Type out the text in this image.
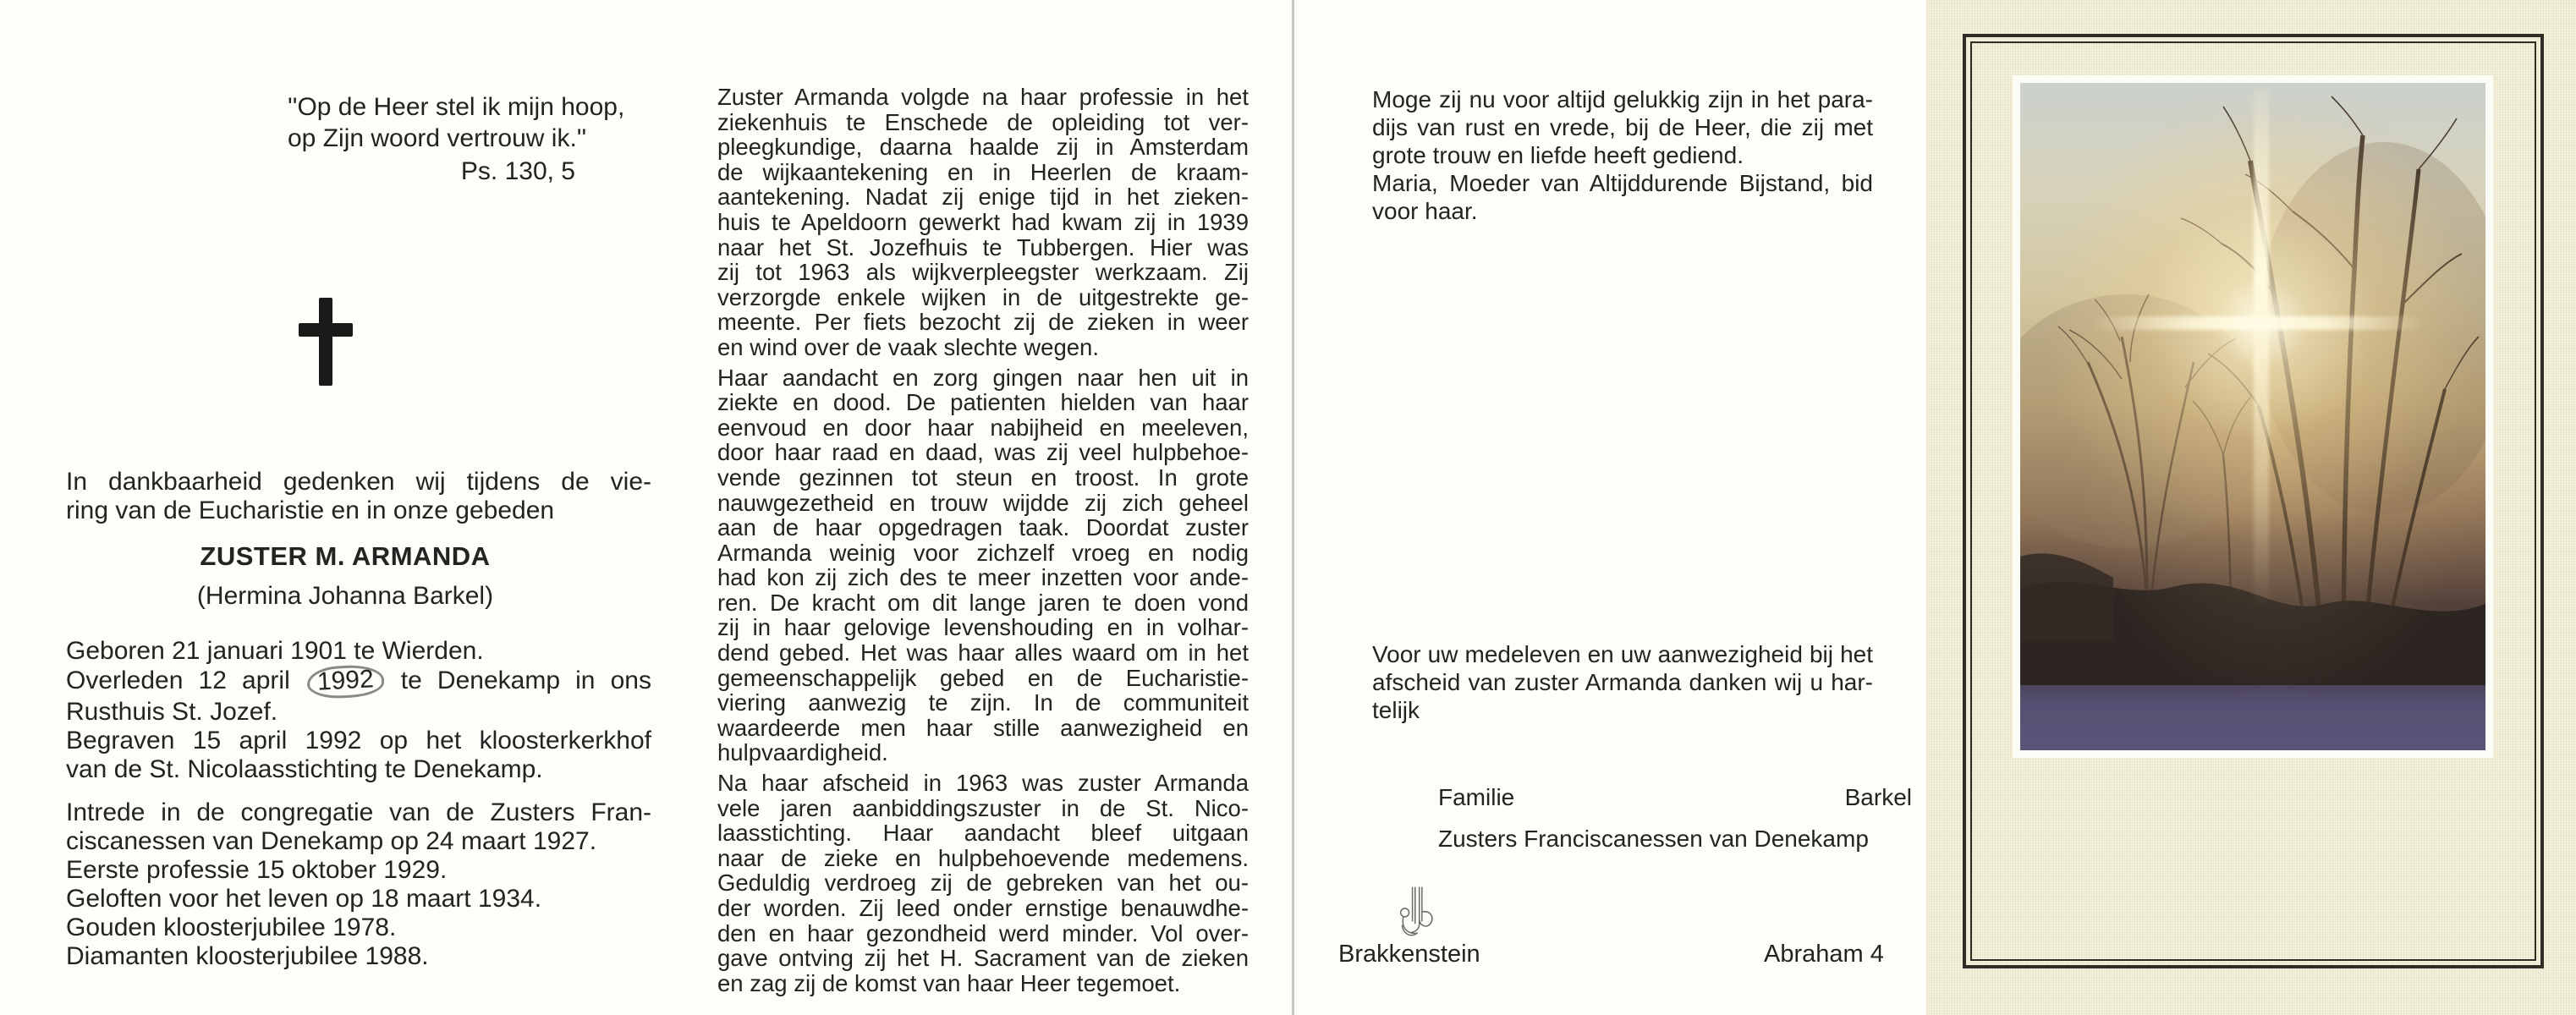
''Op de Heer stel ik mijn hoop,
op Zijn woord vertrouw ik.''
Ps. 130, 5
In dankbaarheid gedenken wij tijdens de vie-
ring van de Eucharistie en in onze gebeden
ZUSTER M. ARMANDA
(Hermina Johanna Barkel)
Geboren 21 januari 1901 te Wierden.
Overleden 12 april 1992 te Denekamp in ons
Rusthuis St. Jozef.
Begraven 15 april 1992 op het kloosterkerkhof
van de St. Nicolaasstichting te Denekamp.
Intrede in de congregatie van de Zusters Fran-
ciscanessen van Denekamp op 24 maart 1927.
Eerste professie 15 oktober 1929.
Geloften voor het leven op 18 maart 1934.
Gouden kloosterjubilee 1978.
Diamanten kloosterjubilee 1988.
Zuster Armanda volgde na haar professie in het
ziekenhuis te Enschede de opleiding tot ver-
pleegkundige, daarna haalde zij in Amsterdam
de wijkaantekening en in Heerlen de kraam-
aantekening. Nadat zij enige tijd in het zieken-
huis te Apeldoorn gewerkt had kwam zij in 1939
naar het St. Jozefhuis te Tubbergen. Hier was
zij tot 1963 als wijkverpleegster werkzaam. Zij
verzorgde enkele wijken in de uitgestrekte ge-
meente. Per fiets bezocht zij de zieken in weer
en wind over de vaak slechte wegen.
Haar aandacht en zorg gingen naar hen uit in
ziekte en dood. De patienten hielden van haar
eenvoud en door haar nabijheid en meeleven,
door haar raad en daad, was zij veel hulpbehoe-
vende gezinnen tot steun en troost. In grote
nauwgezetheid en trouw wijdde zij zich geheel
aan de haar opgedragen taak. Doordat zuster
Armanda weinig voor zichzelf vroeg en nodig
had kon zij zich des te meer inzetten voor ande-
ren. De kracht om dit lange jaren te doen vond
zij in haar gelovige levenshouding en in volhar-
dend gebed. Het was haar alles waard om in het
gemeenschappelijk gebed en de Eucharistie-
viering aanwezig te zijn. In de communiteit
waardeerde men haar stille aanwezigheid en
hulpvaardigheid.
Na haar afscheid in 1963 was zuster Armanda
vele jaren aanbiddingszuster in de St. Nico-
laasstichting. Haar aandacht bleef uitgaan
naar de zieke en hulpbehoevende medemens.
Geduldig verdroeg zij de gebreken van het ou-
der worden. Zij leed onder ernstige benauwdhe-
den en haar gezondheid werd minder. Vol over-
gave ontving zij het H. Sacrament van de zieken
en zag zij de komst van haar Heer tegemoet.
Moge zij nu voor altijd gelukkig zijn in het para-
dijs van rust en vrede, bij de Heer, die zij met
grote trouw en liefde heeft gediend.
Maria, Moeder van Altijddurende Bijstand, bid
voor haar.
Voor uw medeleven en uw aanwezigheid bij het
afscheid van zuster Armanda danken wij u har-
telijk
Familie Barkel
Zusters Franciscanessen van Denekamp
Brakkenstein	Abraham 4
